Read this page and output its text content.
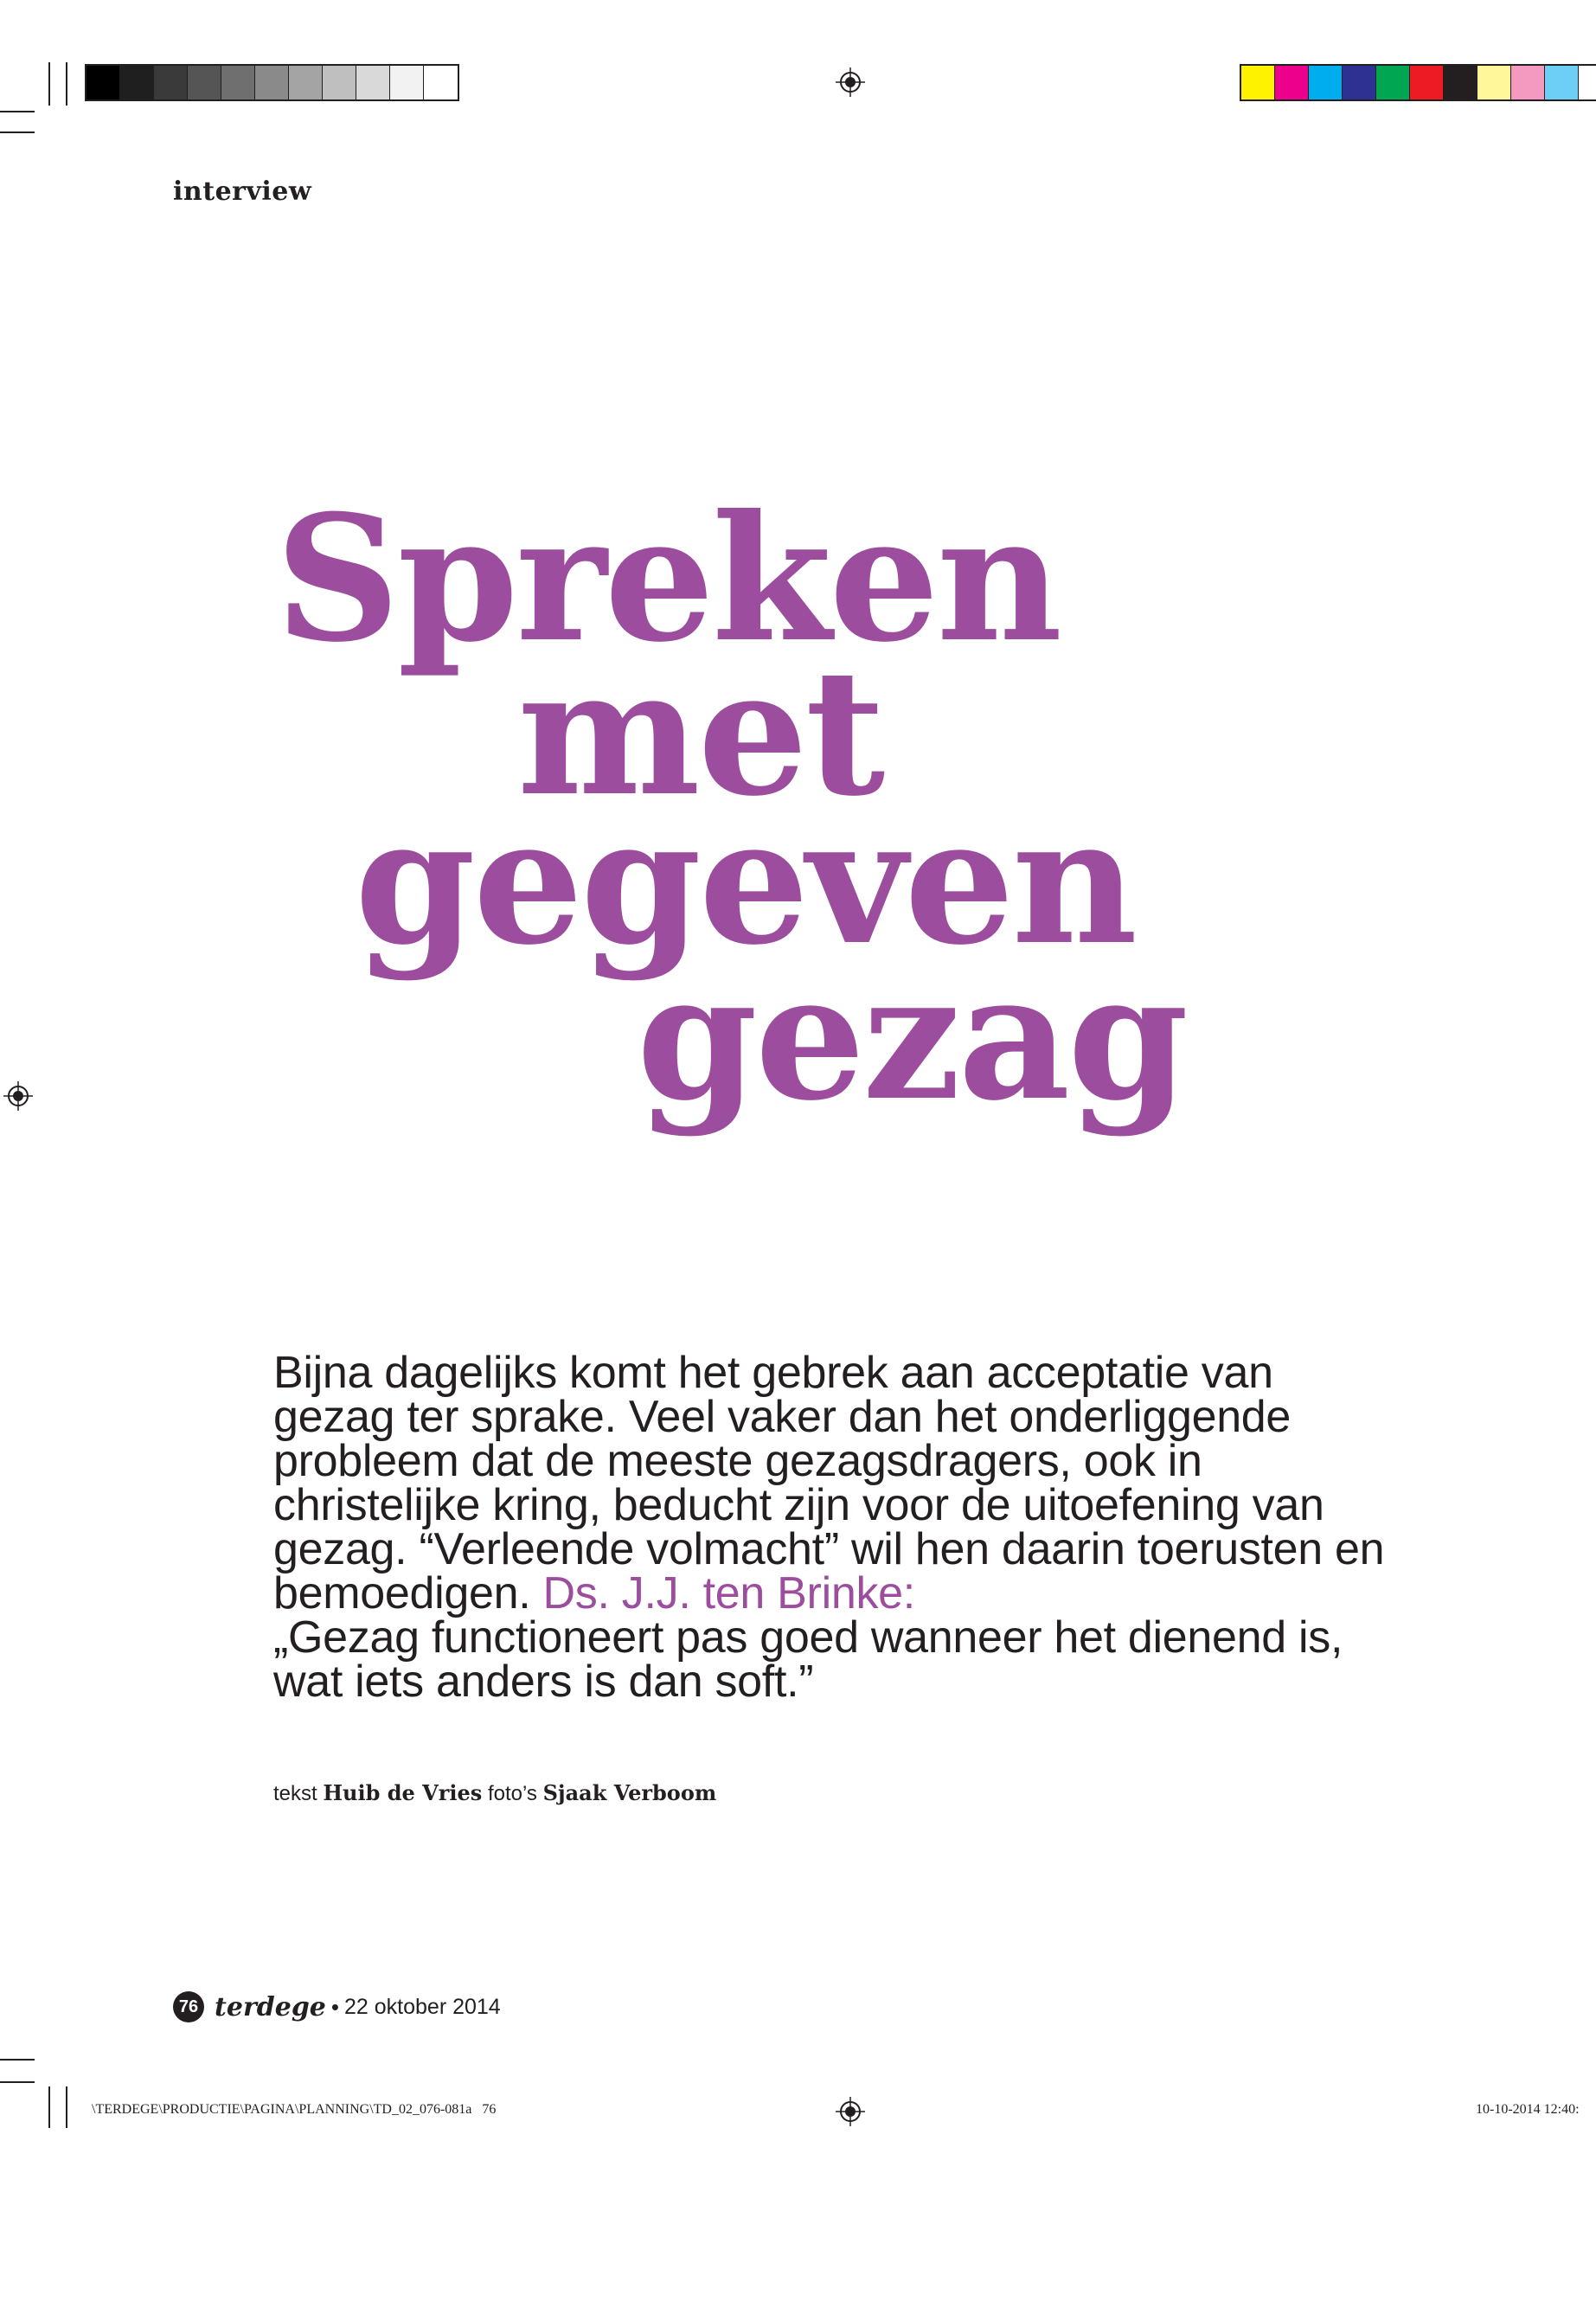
interview
Spreken
met
gegeven
gezag

Bijna dagelijks komt het gebrek aan acceptatie van gezag ter sprake. Veel vaker dan het onderliggende probleem dat de meeste gezagsdragers, ook in christelijke kring, beducht zijn voor de uitoefening van gezag. “Verleende volmacht” wil hen daarin toerusten en bemoedigen. Ds. J.J. ten Brinke:
„Gezag functioneert pas goed wanneer het dienend is, wat iets anders is dan soft.”

tekst Huib de Vries foto’s Sjaak Verboom
76 terdege • 22 oktober 2014
\TERDEGE\PRODUCTIE\PAGINA\PLANNING\TD_02_076-081a 76	10-10-2014 12:40:
